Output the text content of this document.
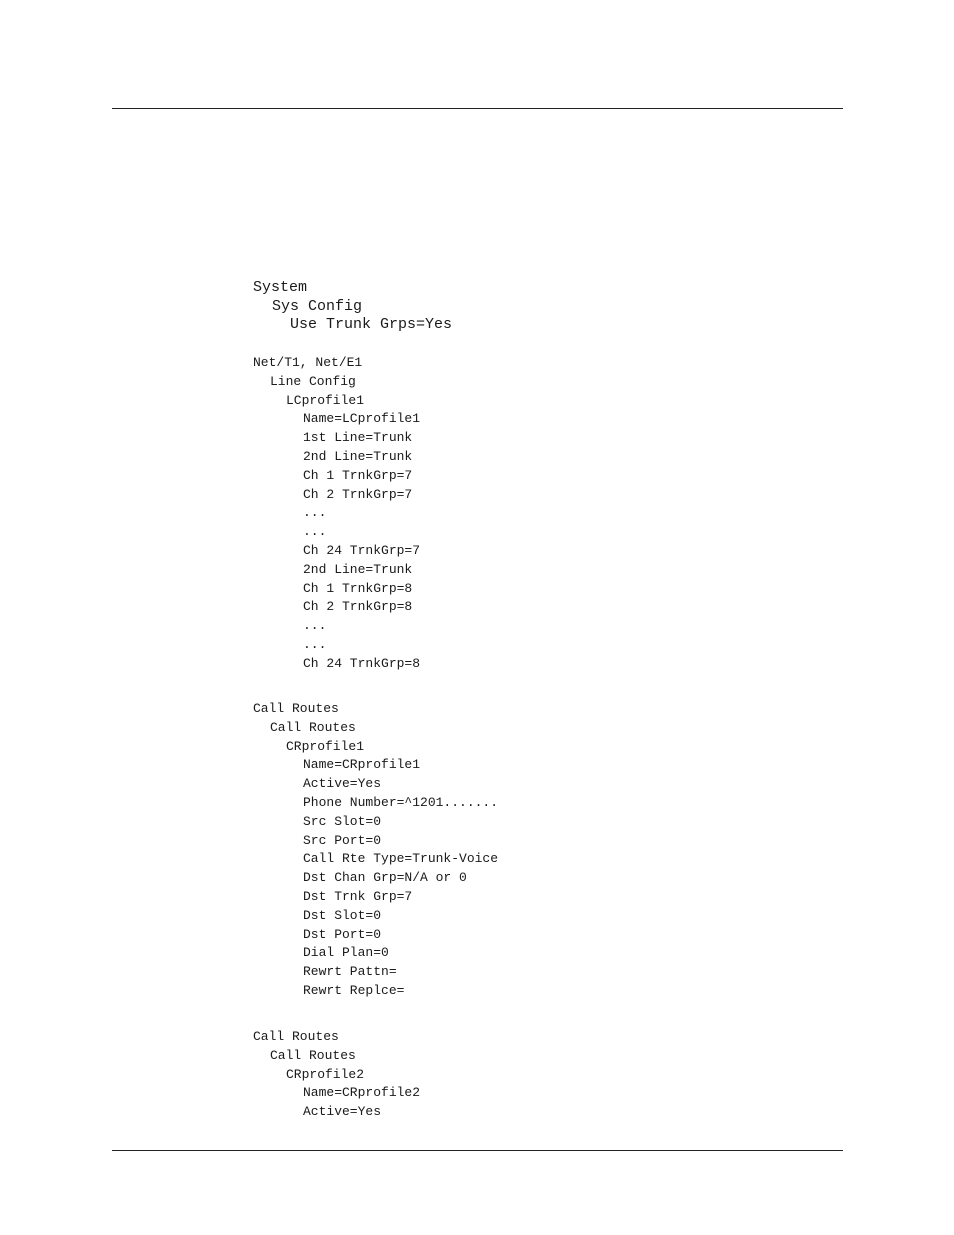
System
Sys Config
Use Trunk Grps=Yes
Net/T1, Net/E1
Line Config
LCprofile1
Name=LCprofile1
1st Line=Trunk
2nd Line=Trunk
Ch 1 TrnkGrp=7
Ch 2 TrnkGrp=7
...
...
Ch 24 TrnkGrp=7
2nd Line=Trunk
Ch 1 TrnkGrp=8
Ch 2 TrnkGrp=8
...
...
Ch 24 TrnkGrp=8
Call Routes
Call Routes
CRprofile1
Name=CRprofile1
Active=Yes
Phone Number=^1201.......
Src Slot=0
Src Port=0
Call Rte Type=Trunk-Voice
Dst Chan Grp=N/A or 0
Dst Trnk Grp=7
Dst Slot=0
Dst Port=0
Dial Plan=0
Rewrt Pattn=
Rewrt Replce=
Call Routes
Call Routes
CRprofile2
Name=CRprofile2
Active=Yes
